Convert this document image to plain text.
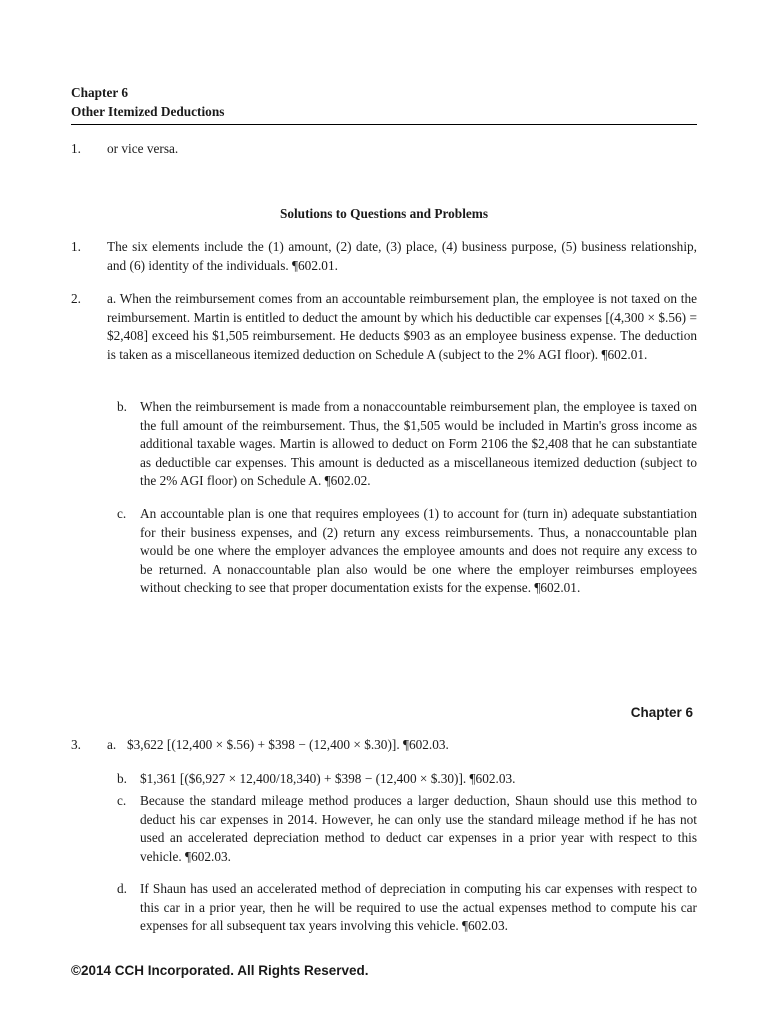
Chapter 6
Other Itemized Deductions
1. or vice versa.
Solutions to Questions and Problems
1. The six elements include the (1) amount, (2) date, (3) place, (4) business purpose, (5) business relationship, and (6) identity of the individuals. ¶602.01.
2. a. When the reimbursement comes from an accountable reimbursement plan, the employee is not taxed on the reimbursement. Martin is entitled to deduct the amount by which his deductible car expenses [(4,300 × $.56) = $2,408] exceed his $1,505 reimbursement. He deducts $903 as an employee business expense. The deduction is taken as a miscellaneous itemized deduction on Schedule A (subject to the 2% AGI floor). ¶602.01.
b. When the reimbursement is made from a nonaccountable reimbursement plan, the employee is taxed on the full amount of the reimbursement. Thus, the $1,505 would be included in Martin's gross income as additional taxable wages. Martin is allowed to deduct on Form 2106 the $2,408 that he can substantiate as deductible car expenses. This amount is deducted as a miscellaneous itemized deduction (subject to the 2% AGI floor) on Schedule A. ¶602.02.
c. An accountable plan is one that requires employees (1) to account for (turn in) adequate substantiation for their business expenses, and (2) return any excess reimbursements. Thus, a nonaccountable plan would be one where the employer advances the employee amounts and does not require any excess to be returned. A nonaccountable plan also would be one where the employer reimburses employees without checking to see that proper documentation exists for the expense. ¶602.01.
Chapter 6
3. a. $3,622 [(12,400 × $.56) + $398 − (12,400 × $.30)]. ¶602.03.
b. $1,361 [($6,927 × 12,400/18,340) + $398 − (12,400 × $.30)]. ¶602.03.
c. Because the standard mileage method produces a larger deduction, Shaun should use this method to deduct his car expenses in 2014. However, he can only use the standard mileage method if he has not used an accelerated depreciation method to deduct car expenses in a prior year with respect to this vehicle. ¶602.03.
d. If Shaun has used an accelerated method of depreciation in computing his car expenses with respect to this car in a prior year, then he will be required to use the actual expenses method to compute his car expenses for all subsequent tax years involving this vehicle. ¶602.03.
©2014 CCH Incorporated. All Rights Reserved.
